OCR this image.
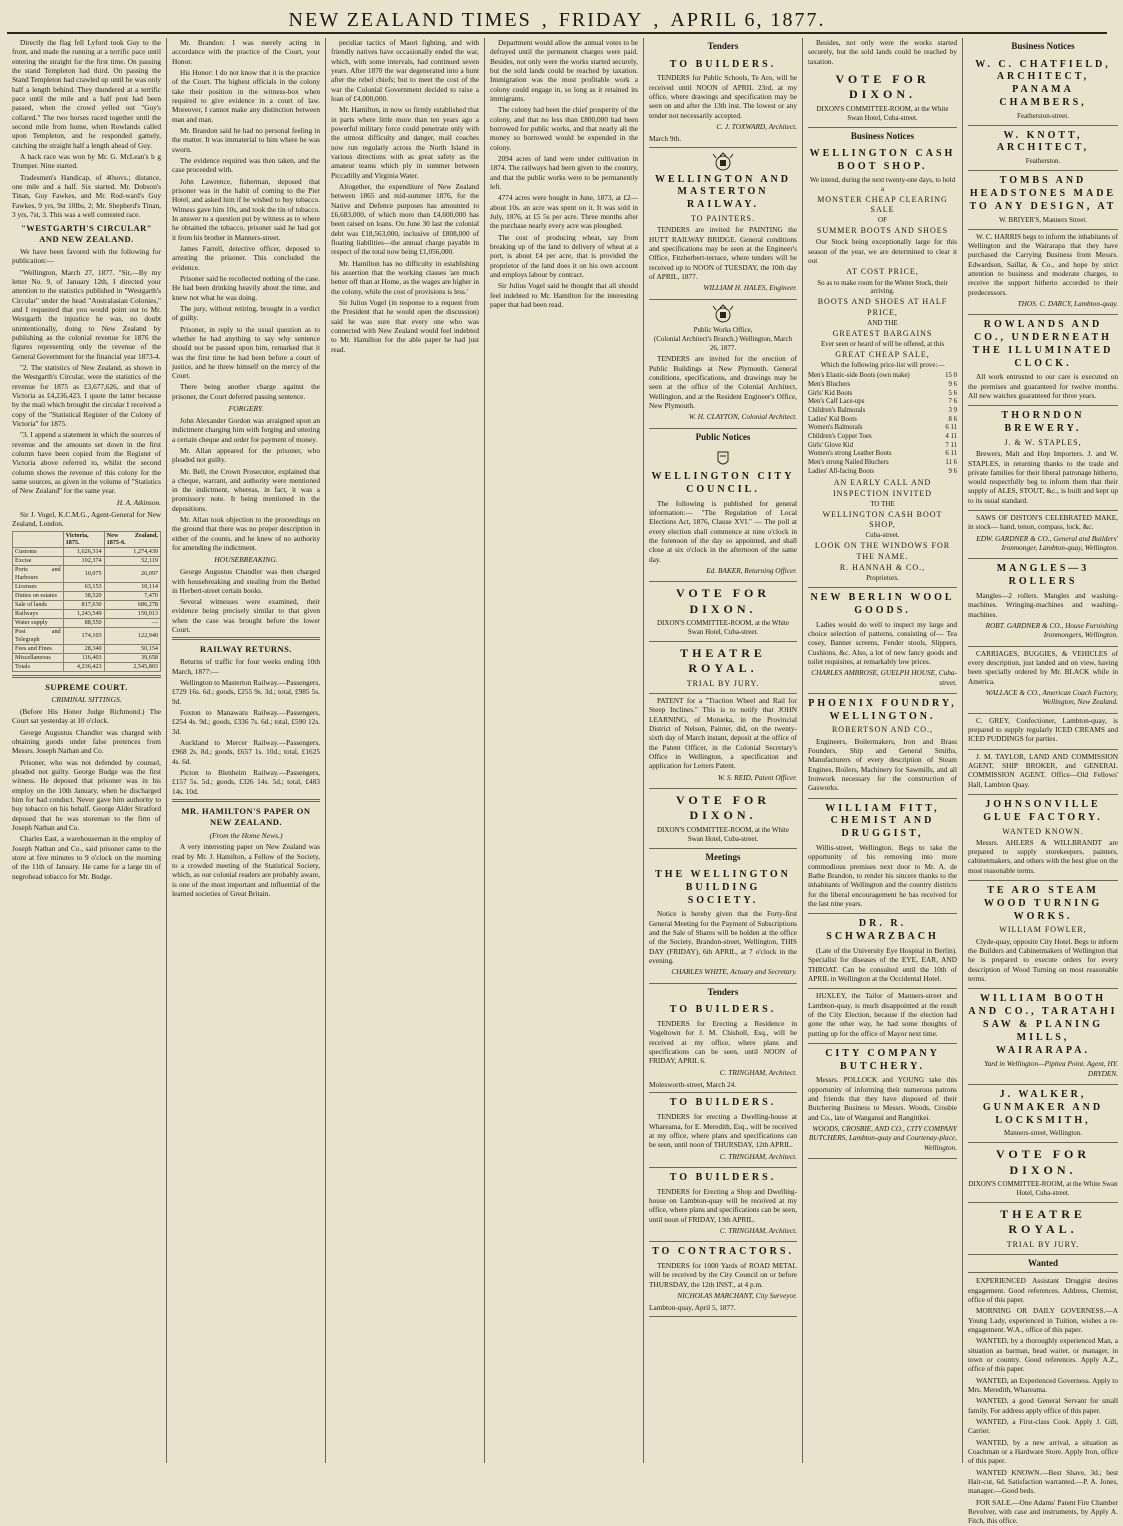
NEW ZEALAND TIMES , FRIDAY , APRIL 6, 1877.

Directly the flag fell Lyford took Guy to the front, and made the running at a terrific pace until entering the straight for the first time. On passing the stand Templeton had third. On passing the Stand Templeton had crawled up until he was only half a length behind. They thundered at a terrific pace until the mile and a half post had been passed, when the crowd yelled out "Guy's collared." The two horses raced together until the second mile from home, when Rowlands called upon Templeton, and he responded gamely, catching the straight half a length ahead of Guy.

A hack race was won by Mr. G. McLean's b g Trumper. Nine started.

Tradesmen's Handicap, of 40sovs.; distance, one mile and a half. Six started. Mr. Dobson's Tinan, Guy Fawkes, and Mr. Rod-ward's Guy Fawkes, 9 yrs, 9st 10lbs, 2; Mr. Shepherd's Tinan, 3 yrs, 7st, 3. This was a well contested race.

"WESTGARTH'S CIRCULAR" AND NEW ZEALAND.

We have been favored with the following for publication:—

"Wellington, March 27, 1877. "Sir,—By my letter No. 9, of January 12th, I directed your attention to the statistics published in "Westgarth's Circular" under the head "Australasian Colonies," and I requested that you would point out to Mr. Westgarth the injustice he was, no doubt unintentionally, doing to New Zealand by publishing as the colonial revenue for 1876 the figures representing only the revenue of the General Government for the financial year 1873-4.

"2. The statistics of New Zealand, as shown in the Westgarth's Circular, were the statistics of the revenue for 1875 as £3,677,626, and that of Victoria as £4,236,423. I quote the latter because by the mail which brought the circular I received a copy of the "Statistical Register of the Colony of Victoria" for 1875.

"3. I append a statement in which the sources of revenue and the amounts set down in the first column have been copied from the Register of Victoria above referred to, whilst the second column shows the revenue of this colony for the same sources, as given in the volume of "Statistics of New Zealand" for the same year.

H. A. Atkinson.

Sir J. Vogel, K.C.M.G., Agent-General for New Zealand, London.

	Victoria, 1875.	New Zealand, 1875-6.
Customs	1,626,314	1,274,439
Excise	102,374	52,119
Ports and Harbours	10,075	26,097
Licenses	63,153	10,114
Duties on estates	38,520	7,470
Sale of lands	817,630	686,278
Railways	1,243,549	150,013
Water supply	88,550	—
Post and Telegraph	174,103	122,940
Fees and Fines	28,340	50,154
Miscellaneous	116,403	39,658
Totals	4,236,423	2,545,803
SUPREME COURT.
CRIMINAL SITTINGS.

(Before His Honor Judge Richmond.) The Court sat yesterday at 10 o'clock.

George Augustus Chandler was charged with obtaining goods under false pretences from Messrs. Joseph Nathan and Co.

Prisoner, who was not defended by counsel, pleaded not guilty. George Budge was the first witness. He deposed that prisoner was in his employ on the 10th January, when he discharged him for bad conduct. Never gave him authority to buy tobacco on his behalf. George Alder Stratford deposed that he was storeman to the firm of Joseph Nathan and Co.

Charles East, a warehouseman in the employ of Joseph Nathan and Co., said prisoner came to the store at five minutes to 9 o'clock on the morning of the 11th of January. He came for a large tin of negrohead tobacco for Mr. Budge.

Mr. Brandon: I was merely acting in accordance with the practice of the Court, your Honor.

His Honor: I do not know that it is the practice of the Court. The highest officials in the colony take their position in the witness-box when required to give evidence in a court of law. Moreover, I cannot make any distinction between man and man.

Mr. Brandon said he had no personal feeling in the matter. It was immaterial to him where he was sworn.

The evidence required was then taken, and the case proceeded with.

John Lawrence, fisherman, deposed that prisoner was in the habit of coming to the Pier Hotel, and asked him if he wished to buy tobacco. Witness gave him 10s, and took the tin of tobacco. In answer to a question put by witness as to where he obtained the tobacco, prisoner said he had got it from his brother in Manners-street.

James Farrell, detective officer, deposed to arresting the prisoner. This concluded the evidence.

Prisoner said he recollected nothing of the case. He had been drinking heavily about the time, and knew not what he was doing.

The jury, without retiring, brought in a verdict of guilty.

Prisoner, in reply to the usual question as to whether he had anything to say why sentence should not be passed upon him, remarked that it was the first time he had been before a court of justice, and he threw himself on the mercy of the Court.

There being another charge against the prisoner, the Court deferred passing sentence.

FORGERY.

John Alexander Gordon was arraigned upon an indictment charging him with forging and uttering a certain cheque and order for payment of money.

Mr. Allan appeared for the prisoner, who pleaded not guilty.

Mr. Bell, the Crown Prosecutor, explained that a cheque, warrant, and authority were mentioned in the indictment, whereas, in fact, it was a promissory note. It being mentioned in the depositions.

Mr. Allan took objection to the proceedings on the ground that there was no proper description in either of the counts, and he knew of no authority for amending the indictment.

HOUSEBREAKING.

George Augustus Chandler was then charged with housebreaking and stealing from the Bethel in Herbert-street certain books.

Several witnesses were examined, their evidence being precisely similar to that given when the case was brought before the lower Court.

RAILWAY RETURNS.

Returns of traffic for four weeks ending 10th March, 1877:—

Wellington to Masterton Railway.—Passengers, £729 16s. 6d.; goods, £255 9s. 3d.; total, £985 5s. 9d.

Foxton to Manawatu Railway.—Passengers, £254 4s. 9d.; goods, £336 7s. 6d.; total, £590 12s. 3d.

Auckland to Mercer Railway.—Passengers, £968 2s. 8d.; goods, £657 1s. 10d.; total, £1625 4s. 6d.

Picton to Blenheim Railway.—Passengers, £157 5s. 5d.; goods, £326 14s. 5d.; total, £483 14s. 10d.

MR. HAMILTON'S PAPER ON NEW ZEALAND.
(From the Home News.)

A very interesting paper on New Zealand was read by Mr. J. Hamilton, a Fellow of the Society, to a crowded meeting of the Statistical Society, which, as our colonial readers are probably aware, is one of the most important and influential of the learned societies of Great Britain.

peculiar tactics of Maori fighting, and with friendly natives have occasionally ended the war, which, with some intervals, had continued seven years. After 1870 the war degenerated into a hunt after the rebel chiefs; but to meet the cost of the war the Colonial Government decided to raise a loan of £4,000,000.

Mr. Hamilton, in now so firmly established that in parts where little more than ten years ago a powerful military force could penetrate only with the utmost difficulty and danger, mail coaches now run regularly across the North Island in various directions with as great safety as the amateur teams which ply in summer between Piccadilly and Virginia Water.

Altogether, the expenditure of New Zealand between 1865 and mid-summer 1876, for the Native and Defence purposes has amounted to £6,683,000, of which more than £4,600,000 has been raised on loans. On June 30 last the colonial debt was £18,563,000, inclusive of £808,000 of floating liabilities—the annual charge payable in respect of the total now being £1,056,000.

Mr. Hamilton has no difficulty in establishing his assertion that the working classes 'are much better off than at Home, as the wages are higher in the colony, while the cost of provisions is less.'

Sir Julius Vogel (in response to a request from the President that he would open the discussion) said he was sure that every one who was connected with New Zealand would feel indebted to Mr. Hamilton for the able paper he had just read.

Department would allow the annual votes to be defrayed until the permanent charges were paid. Besides, not only were the works started securely, but the sold lands could be reached by taxation. Immigration was the most profitable work a colony could engage in, so long as it retained its immigrants.

The colony had been the chief prosperity of the colony, and that no less than £800,000 had been borrowed for public works, and that nearly all the money so borrowed would be expended in the colony.

2094 acres of land were under cultivation in 1874. The railways had been given to the country, and that the public works were to be permanently left.

4774 acres were bought in June, 1873, at £2—about 10s. an acre was spent on it. It was sold in July, 1876, at £5 5s per acre. Three months after the purchase nearly every acre was ploughed.

The cost of producing wheat, say from breaking up of the land to delivery of wheat at a port, is about £4 per acre, that is provided the proprietor of the land does it on his own account and employs labour by contract.

Sir Julius Vogel said he thought that all should feel indebted to Mr. Hamilton for the interesting paper that had been read.

Tenders
TO BUILDERS.

TENDERS for Public Schools, Te Aro, will be received until NOON of APRIL 23rd, at my office, where drawings and specification may be seen on and after the 13th inst. The lowest or any tender not necessarily accepted.

C. J. TOXWARD, Architect.
March 9th.
WELLINGTON AND MASTERTON RAILWAY.
TO PAINTERS.

TENDERS are invited for PAINTING the HUTT RAILWAY BRIDGE. General conditions and specifications may be seen at the Engineer's Office, Fitzherbert-terrace, where tenders will be received up to NOON of TUESDAY, the 10th day of APRIL, 1877.

WILLIAM H. HALES, Engineer.
Public Works Office,
(Colonial Architect's Branch.) Wellington, March 26, 1877.

TENDERS are invited for the erection of Public Buildings at New Plymouth. General conditions, specifications, and drawings may be seen at the office of the Colonial Architect, Wellington, and at the Resident Engineer's Office, New Plymouth.

W. H. CLAYTON, Colonial Architect.
Public Notices
WELLINGTON CITY COUNCIL.

The following is published for general information:— "The Regulation of Local Elections Act, 1876, Clause XVI." — The poll at every election shall commence at nine o'clock in the forenoon of the day so appointed, and shall close at six o'clock in the afternoon of the same day.

Ed. BAKER, Returning Officer.
VOTE FOR DIXON.
DIXON'S COMMITTEE-ROOM, at the White Swan Hotel, Cuba-street.
THEATRE ROYAL.
TRIAL BY JURY.

PATENT for a "Traction Wheel and Rail for Steep Inclines." This is to notify that JOHN LEARNING, of Motueka, in the Provincial District of Nelson, Painter, did, on the twenty-sixth day of March instant, deposit at the office of the Patent Officer, in the Colonial Secretary's Office in Wellington, a specification and application for Letters Patent.

W. S. REID, Patent Officer.
VOTE FOR DIXON.
DIXON'S COMMITTEE-ROOM, at the White Swan Hotel, Cuba-street.
Meetings
THE WELLINGTON BUILDING SOCIETY.

Notice is hereby given that the Forty-first General Meeting for the Payment of Subscriptions and the Sale of Shares will be holden at the office of the Society, Brandon-street, Wellington, THIS DAY (FRIDAY), 6th APRIL, at 7 o'clock in the evening.

CHARLES WHITE, Actuary and Secretary.
Tenders
TO BUILDERS.

TENDERS for Erecting a Residence in Vogeltown for J. M. Chisholl, Esq., will be received at my office, where plans and specifications can be seen, until NOON of FRIDAY, APRIL 6.

C. TRINGHAM, Architect.
Molesworth-street, March 24.
TO BUILDERS.

TENDERS for erecting a Dwelling-house at Whareama, for E. Meredith, Esq., will be received at my office, where plans and specifications can be seen, until noon of THURSDAY, 12th APRIL.

C. TRINGHAM, Architect.
TO BUILDERS.

TENDERS for Erecting a Shop and Dwelling-house on Lambton-quay will be received at my office, where plans and specifications can be seen, until noon of FRIDAY, 13th APRIL.

C. TRINGHAM, Architect.
TO CONTRACTORS.

TENDERS for 1000 Yards of ROAD METAL will be received by the City Council on or before THURSDAY, the 12th INST., at 4 p.m.

NICHOLAS MARCHANT, City Surveyor.
Lambton-quay, April 5, 1877.

Besides, not only were the works started securely, but the sold lands could be reached by taxation.

VOTE FOR DIXON.
DIXON'S COMMITTEE-ROOM, at the White Swan Hotel, Cuba-street.
Business Notices
WELLINGTON CASH BOOT SHOP.
We intend, during the next twenty-one days, to hold a
MONSTER CHEAP CLEARING SALE
OF
SUMMER BOOTS AND SHOES

Our Stock being exceptionally large for this season of the year, we are determined to clear it out

AT COST PRICE,
So as to make room for the Winter Stock, their arriving.
BOOTS AND SHOES AT HALF PRICE,
AND THE
GREATEST BARGAINS
Ever seen or heard of will be offered, at this
GREAT CHEAP SALE,
Which the following price-list will prove:—
Men's Elastic-side Boots (own make)	15 0
Men's Bluchers	9 6
Girls' Kid Boots	5 6
Men's Calf Lace-ups	7 6
Children's Balmorals	3 9
Ladies' Kid Boots	8 6
Women's Balmorals	6 11
Children's Copper Toes	4 11
Girls' Glove Kid	7 11
Women's strong Leather Boots	6 11
Men's strong Nailed Bluchers	11 6
Ladies' All-facing Boots	9 6
AN EARLY CALL AND INSPECTION INVITED
TO THE
WELLINGTON CASH BOOT SHOP,
Cuba-street.
LOOK ON THE WINDOWS FOR THE NAME.
R. HANNAH & CO.,
Proprietors.
NEW BERLIN WOOL GOODS.

Ladies would do well to inspect my large and choice selection of patterns, consisting of— Tea cosey, Banner screens, Fender stools, Slippers, Cushions, &c. Also, a lot of new fancy goods and toilet requisites, at remarkably low prices.

CHARLES AMBROSE, GUELPH HOUSE, Cuba-street.
PHOENIX FOUNDRY, WELLINGTON.
ROBERTSON AND CO.,

Engineers, Boilermakers, Iron and Brass Founders, Ship and General Smiths, Manufacturers of every description of Steam Engines, Boilers, Machinery for Sawmills, and all Ironwork necessary for the construction of Gasworks.

WILLIAM FITT, CHEMIST AND DRUGGIST,

Willis-street, Wellington. Begs to take the opportunity of his removing into more commodious premises next door to Mr. A. de Bathe Brandon, to render his sincere thanks to the inhabitants of Wellington and the country districts for the liberal encouragement he has received for the last nine years.

DR. R. SCHWARZBACH

(Late of the University Eye Hospital in Berlin). Specialist for diseases of the EYE, EAR, AND THROAT. Can be consulted until the 10th of APRIL in Wellington at the Occidental Hotel.

HUXLEY, the Tailor of Manners-street and Lambton-quay, is much disappointed at the result of the City Election, because if the election had gone the other way, he had some thoughts of putting up for the office of Mayor next time.

CITY COMPANY BUTCHERY.

Messrs. POLLOCK and YOUNG take this opportunity of informing their numerous patrons and friends that they have disposed of their Butchering Business to Messrs. Woods, Crosbie and Co., late of Wanganui and Rangitikei.

WOODS, CROSBIE, AND CO., CITY COMPANY BUTCHERS, Lambton-quay and Courtenay-place, Wellington.
Business Notices
W. C. CHATFIELD, ARCHITECT, PANAMA CHAMBERS,
Featherston-street.
W. KNOTT, ARCHITECT,
Featherston.
TOMBS AND HEADSTONES MADE TO ANY DESIGN, AT
W. BRIYER'S, Manners Street.

W. C. HARRIS begs to inform the inhabitants of Wellington and the Wairarapa that they have purchased the Carrying Business from Messrs. Edwardson, Saillar, & Co., and hope by strict attention to business and moderate charges, to receive the support hitherto accorded to their predecessors.

THOS. C. DARCY, Lambton-quay.
ROWLANDS AND CO., UNDERNEATH THE ILLUMINATED CLOCK.

All work entrusted to our care is executed on the premises and guaranteed for twelve months. All new watches guaranteed for three years.

THORNDON BREWERY.
J. & W. STAPLES,

Brewers, Malt and Hop Importers. J. and W. STAPLES, in returning thanks to the trade and private families for their liberal patronage hitherto, would respectfully beg to inform them that their supply of ALES, STOUT, &c., is built and kept up to its usual standard.

SAWS OF DISTON'S CELEBRATED MAKE, in stock— hand, tenon, compass, lock, &c.

EDW. GARDNER & CO., General and Builders' Ironmonger, Lambton-quay, Wellington.
MANGLES—3 ROLLERS

Mangles—2 rollers. Mangles and washing-machines. Wringing-machines and washing-machines.

ROBT. GARDNER & CO., House Furnishing Ironmongers, Wellington.

CARRIAGES, BUGGIES, & VEHICLES of every description, just landed and on view, having been specially ordered by Mr. BLACK while in America.

WALLACE & CO., American Coach Factory, Wellington, New Zealand.

C. GREY, Confectioner, Lambton-quay, is prepared to supply regularly ICED CREAMS and ICED PUDDINGS for parties.

J. M. TAYLOR, LAND AND COMMISSION AGENT, SHIP BROKER, and GENERAL COMMISSION AGENT. Office—Old Fellows' Hall, Lambton Quay.

JOHNSONVILLE GLUE FACTORY.
WANTED KNOWN.

Messrs. AHLERS & WILLBRANDT are prepared to supply storekeepers, painters, cabinetmakers, and others with the best glue on the most reasonable terms.

TE ARO STEAM WOOD TURNING WORKS.
WILLIAM FOWLER,

Clyde-quay, opposite City Hotel. Begs to inform the Builders and Cabinetmakers of Wellington that he is prepared to execute orders for every description of Wood Turning on most reasonable terms.

WILLIAM BOOTH AND CO., TARATAHI SAW & PLANING MILLS, WAIRARAPA.
Yard in Wellington—Pipitea Point. Agent, HY. DRYDEN.
J. WALKER, GUNMAKER AND LOCKSMITH,
Manners-street, Wellington.
VOTE FOR DIXON.
DIXON'S COMMITTEE-ROOM, at the White Swan Hotel, Cuba-street.
THEATRE ROYAL.
TRIAL BY JURY.
Wanted

EXPERIENCED Assistant Druggist desires engagement. Good references. Address, Chemist, office of this paper.

MORNING OR DAILY GOVERNESS.—A Young Lady, experienced in Tuition, wishes a re-engagement. W.A., office of this paper.

WANTED, by a thoroughly experienced Man, a situation as barman, head waiter, or manager, in town or country. Good references. Apply A.Z., office of this paper.

WANTED, an Experienced Governess. Apply to Mrs. Meredith, Whareama.

WANTED, a good General Servant for small family. For address apply office of this paper.

WANTED, a First-class Cook. Apply J. Gill, Carrier.

WANTED, by a new arrival, a situation as Coachman or a Hardware Store. Apply Iron, office of this paper.

WANTED KNOWN.—Best Shave, 3d.; best Hair-cut, 6d. Satisfaction warranted.—P. A. Jones, manager.—Good beds.

FOR SALE.—One Adams' Patent Fire Chamber Revolver, with case and instruments, by Apply A. Fitch, this office.
